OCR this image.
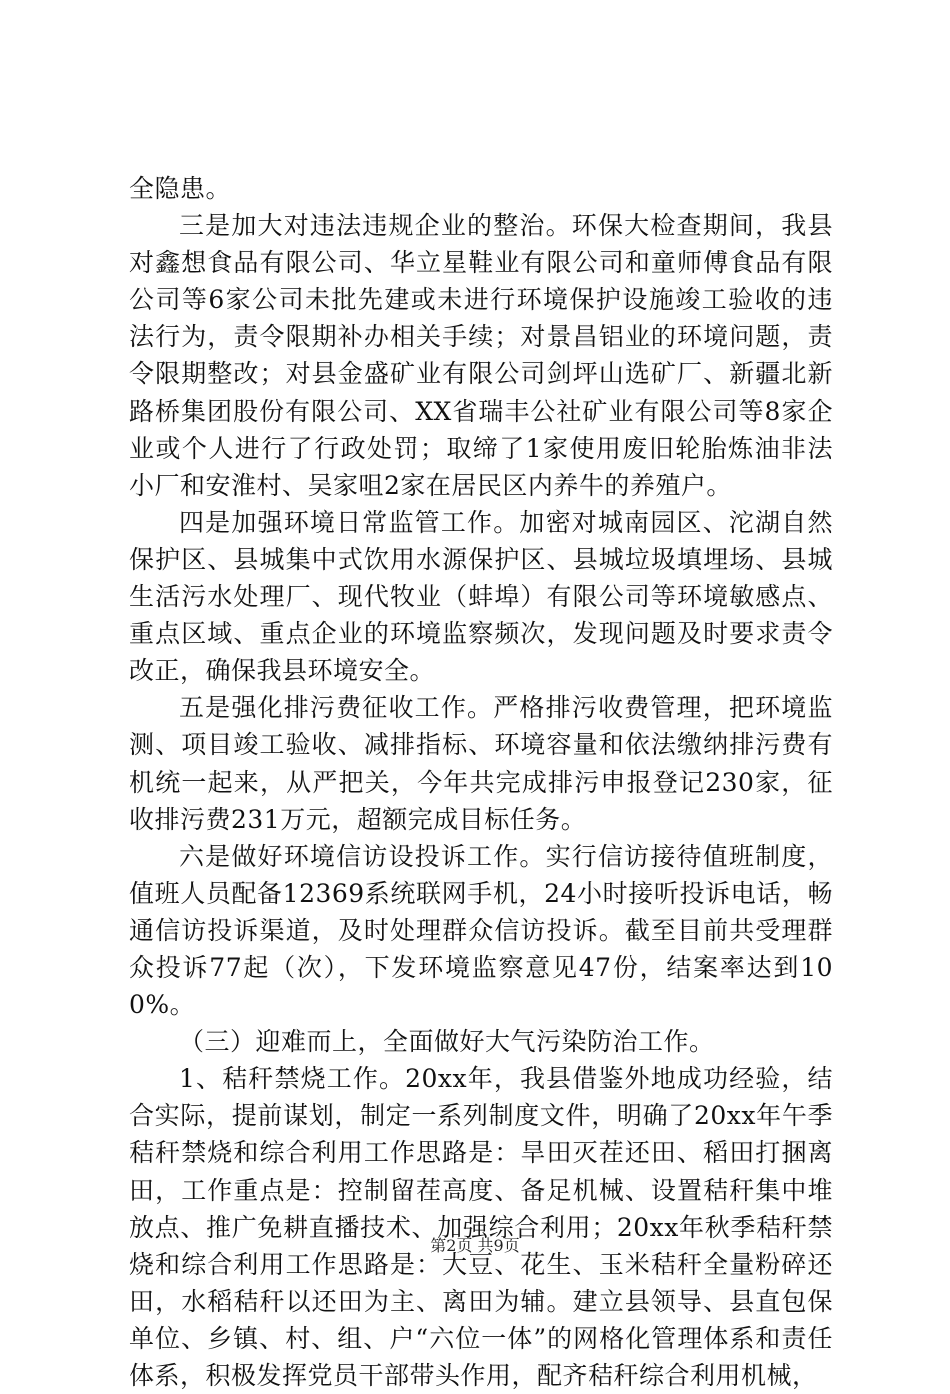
全隐患。

三是加大对违法违规企业的整治。环保大检查期间，我县对鑫想食品有限公司、华立星鞋业有限公司和童师傅食品有限公司等6家公司未批先建或未进行环境保护设施竣工验收的违法行为，责令限期补办相关手续；对景昌铝业的环境问题，责令限期整改；对县金盛矿业有限公司剑坪山选矿厂、新疆北新路桥集团股份有限公司、XX省瑞丰公社矿业有限公司等8家企业或个人进行了行政处罚；取缔了1家使用废旧轮胎炼油非法小厂和安淮村、吴家咀2家在居民区内养牛的养殖户。

四是加强环境日常监管工作。加密对城南园区、沱湖自然保护区、县城集中式饮用水源保护区、县城垃圾填埋场、县城生活污水处理厂、现代牧业（蚌埠）有限公司等环境敏感点、重点区域、重点企业的环境监察频次，发现问题及时要求责令改正，确保我县环境安全。

五是强化排污费征收工作。严格排污收费管理，把环境监测、项目竣工验收、减排指标、环境容量和依法缴纳排污费有机统一起来，从严把关，今年共完成排污申报登记230家，征收排污费231万元，超额完成目标任务。

六是做好环境信访设投诉工作。实行信访接待值班制度，值班人员配备12369系统联网手机，24小时接听投诉电话，畅通信访投诉渠道，及时处理群众信访投诉。截至目前共受理群众投诉77起（次），下发环境监察意见47份，结案率达到100%。

（三）迎难而上，全面做好大气污染防治工作。

1、秸秆禁烧工作。20xx年，我县借鉴外地成功经验，结合实际，提前谋划，制定一系列制度文件，明确了20xx年午季秸秆禁烧和综合利用工作思路是：旱田灭茬还田、稻田打捆离田，工作重点是：控制留茬高度、备足机械、设置秸秆集中堆放点、推广免耕直播技术、加强综合利用；20xx年秋季秸秆禁烧和综合利用工作思路是：大豆、花生、玉米秸秆全量粉碎还田，水稻秸秆以还田为主、离田为辅。建立县领导、县直包保单位、乡镇、村、组、户“六位一体”的网格化管理体系和责任体系，积极发挥党员干部带头作用，配齐秸秆综合利用机械，

第2页 共9页
